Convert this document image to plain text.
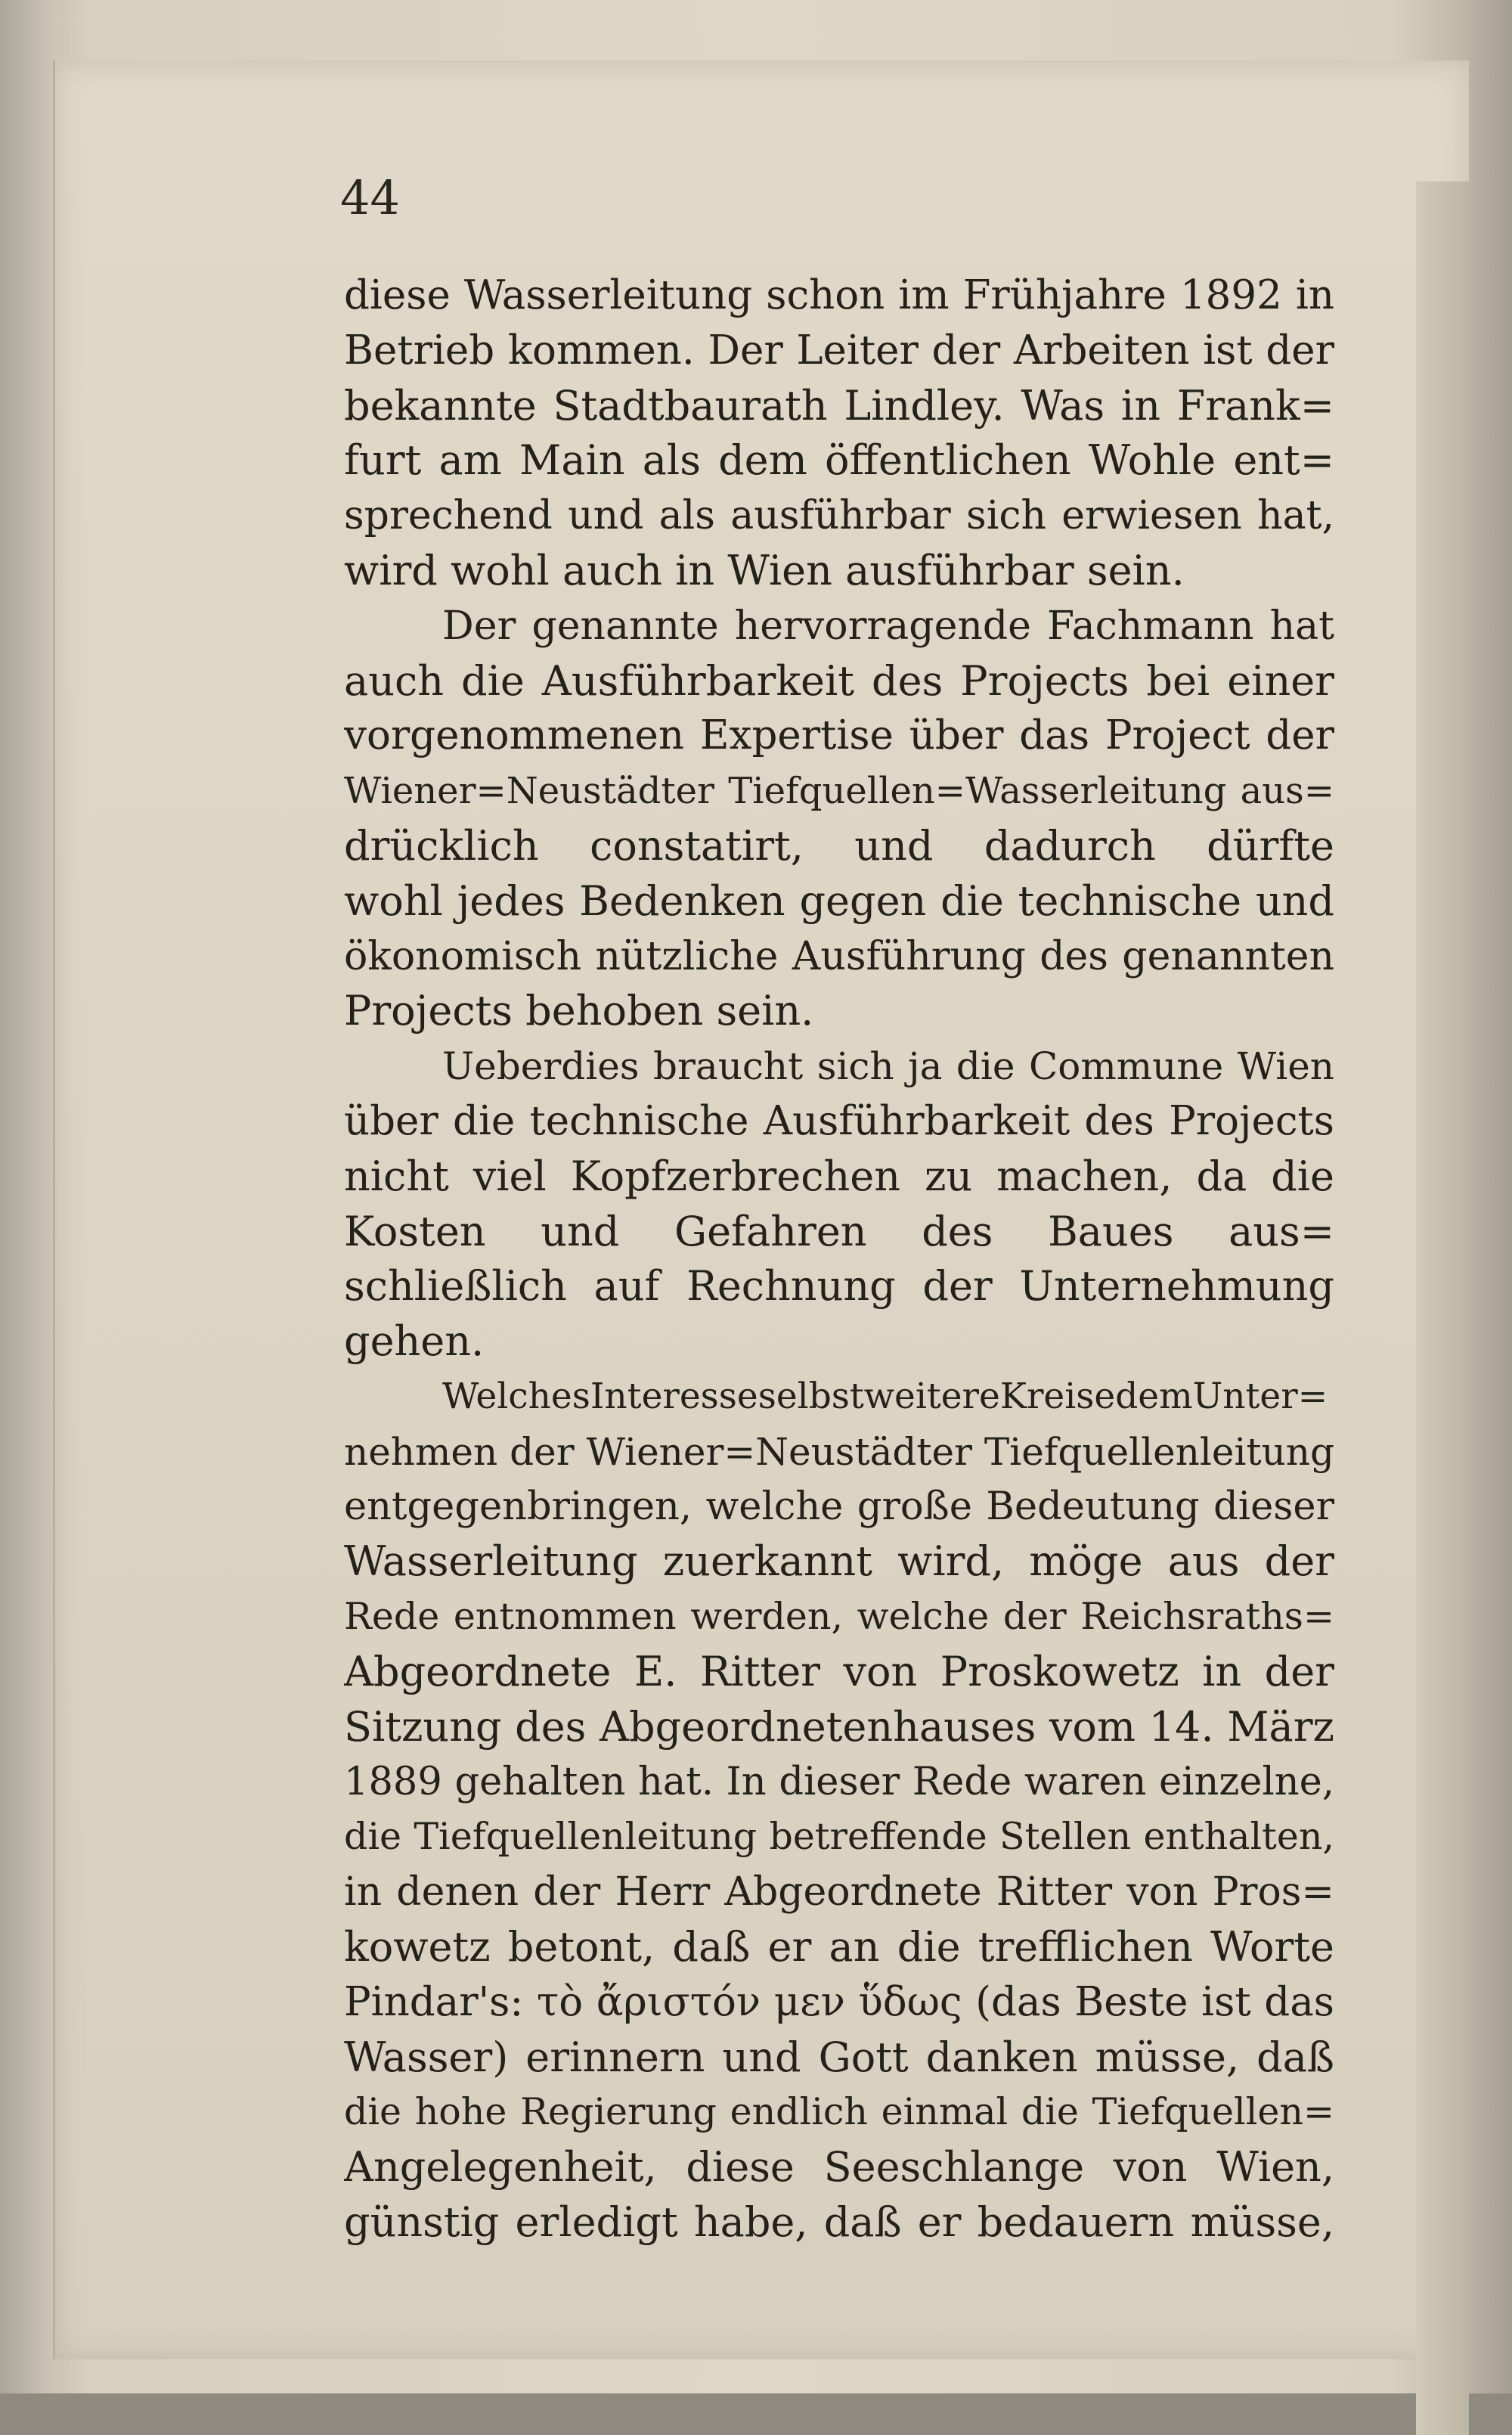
44

diese Wasserleitung schon im Frühjahre 1892 in
Betrieb kommen. Der Leiter der Arbeiten ist der
bekannte Stadtbaurath Lindley. Was in Frank=
furt am Main als dem öffentlichen Wohle ent=
sprechend und als ausführbar sich erwiesen hat,
wird wohl auch in Wien ausführbar sein.
Der genannte hervorragende Fachmann hat
auch die Ausführbarkeit des Projects bei einer
vorgenommenen Expertise über das Project der
Wiener=Neustädter Tiefquellen=Wasserleitung aus=
drücklich constatirt, und dadurch dürfte
wohl jedes Bedenken gegen die technische und
ökonomisch nützliche Ausführung des genannten
Projects behoben sein.
Ueberdies braucht sich ja die Commune Wien
über die technische Ausführbarkeit des Projects
nicht viel Kopfzerbrechen zu machen, da die
Kosten und Gefahren des Baues aus=
schließlich auf Rechnung der Unternehmung
gehen.
WelchesInteresseselbstweitereKreisedemUnter=
nehmen der Wiener=Neustädter Tiefquellenleitung
entgegenbringen, welche große Bedeutung dieser
Wasserleitung zuerkannt wird, möge aus der
Rede entnommen werden, welche der Reichsraths=
Abgeordnete E. Ritter von Proskowetz in der
Sitzung des Abgeordnetenhauses vom 14. März
1889 gehalten hat. In dieser Rede waren einzelne,
die Tiefquellenleitung betreffende Stellen enthalten,
in denen der Herr Abgeordnete Ritter von Pros=
kowetz betont, daß er an die trefflichen Worte
Pindar's: τὸ ἄριστόν μεν ὕδως (das Beste ist das
Wasser) erinnern und Gott danken müsse, daß
die hohe Regierung endlich einmal die Tiefquellen=
Angelegenheit, diese Seeschlange von Wien,
günstig erledigt habe, daß er bedauern müsse,
